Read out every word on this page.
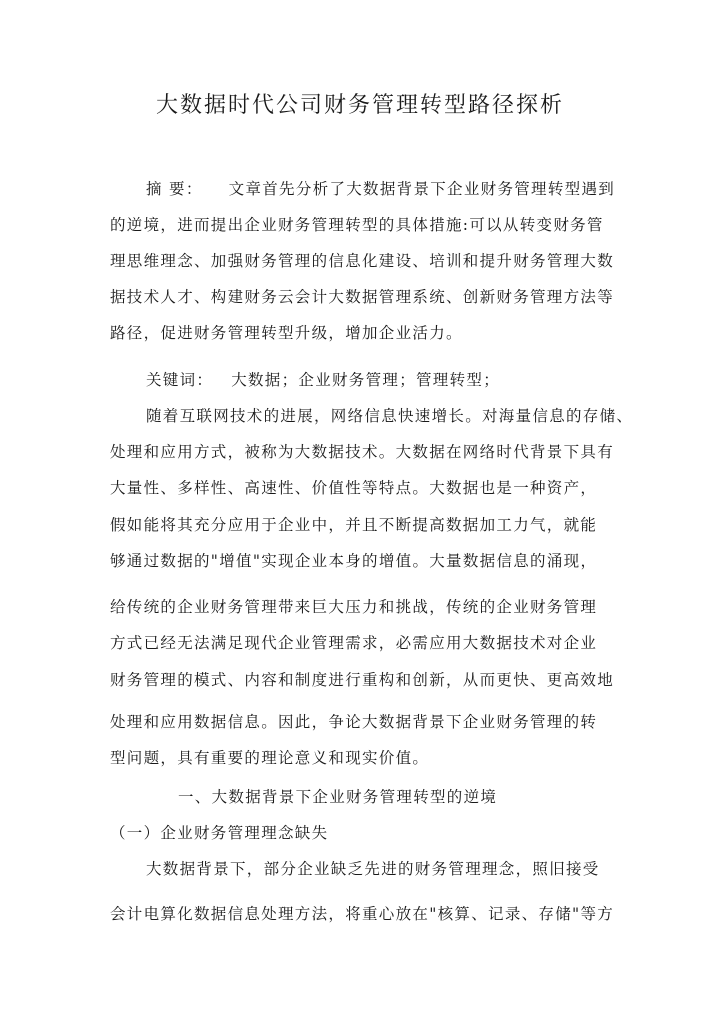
大数据时代公司财务管理转型路径探析
摘 要： 文章首先分析了大数据背景下企业财务管理转型遇到
的逆境，进而提出企业财务管理转型的具体措施:可以从转变财务管
理思维理念、加强财务管理的信息化建设、培训和提升财务管理大数
据技术人才、构建财务云会计大数据管理系统、创新财务管理方法等
路径，促进财务管理转型升级，增加企业活力。
关键词： 大数据；企业财务管理；管理转型；
随着互联网技术的进展，网络信息快速增长。对海量信息的存储、
处理和应用方式，被称为大数据技术。大数据在网络时代背景下具有
大量性、多样性、高速性、价值性等特点。大数据也是一种资产，
假如能将其充分应用于企业中，并且不断提高数据加工力气，就能
够通过数据的"增值"实现企业本身的增值。大量数据信息的涌现，
给传统的企业财务管理带来巨大压力和挑战，传统的企业财务管理
方式已经无法满足现代企业管理需求，必需应用大数据技术对企业
财务管理的模式、内容和制度进行重构和创新，从而更快、更高效地
处理和应用数据信息。因此，争论大数据背景下企业财务管理的转
型问题，具有重要的理论意义和现实价值。
一、大数据背景下企业财务管理转型的逆境
（一）企业财务管理理念缺失
大数据背景下，部分企业缺乏先进的财务管理理念，照旧接受
会计电算化数据信息处理方法，将重心放在"核算、记录、存储"等方
